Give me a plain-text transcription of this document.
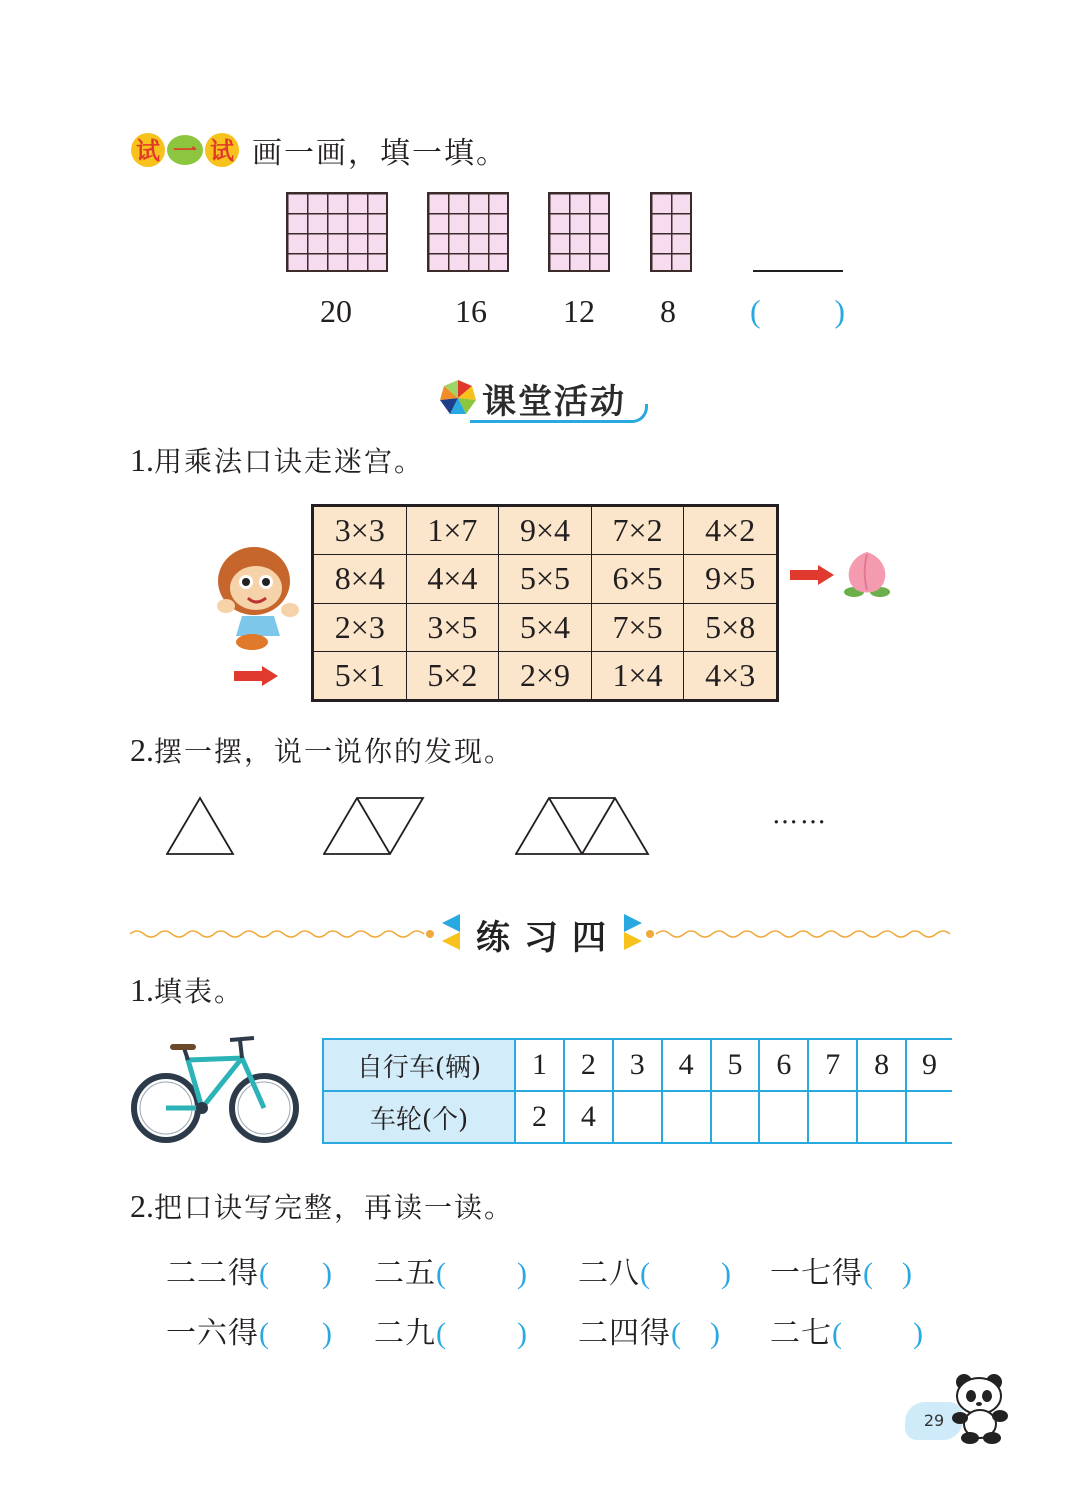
试 一 试 画一画，填一填。
20	16	12	8	( )
课堂活动
1.用乘法口诀走迷宫。
3×3	1×7	9×4	7×2	4×2
8×4	4×4	5×5	6×5	9×5
2×3	3×5	5×4	7×5	5×8
5×1	5×2	2×9	1×4	4×3
2.摆一摆，说一说你的发现。
……
练习四
1.填表。
自行车(辆)	1	2	3	4	5	6	7	8	9
车轮(个)	2	4							
2.把口诀写完整，再读一读。
二二得( ) 二五( ) 二八( ) 一七得( )
一六得( ) 二九( ) 二四得( ) 二七( )
29
